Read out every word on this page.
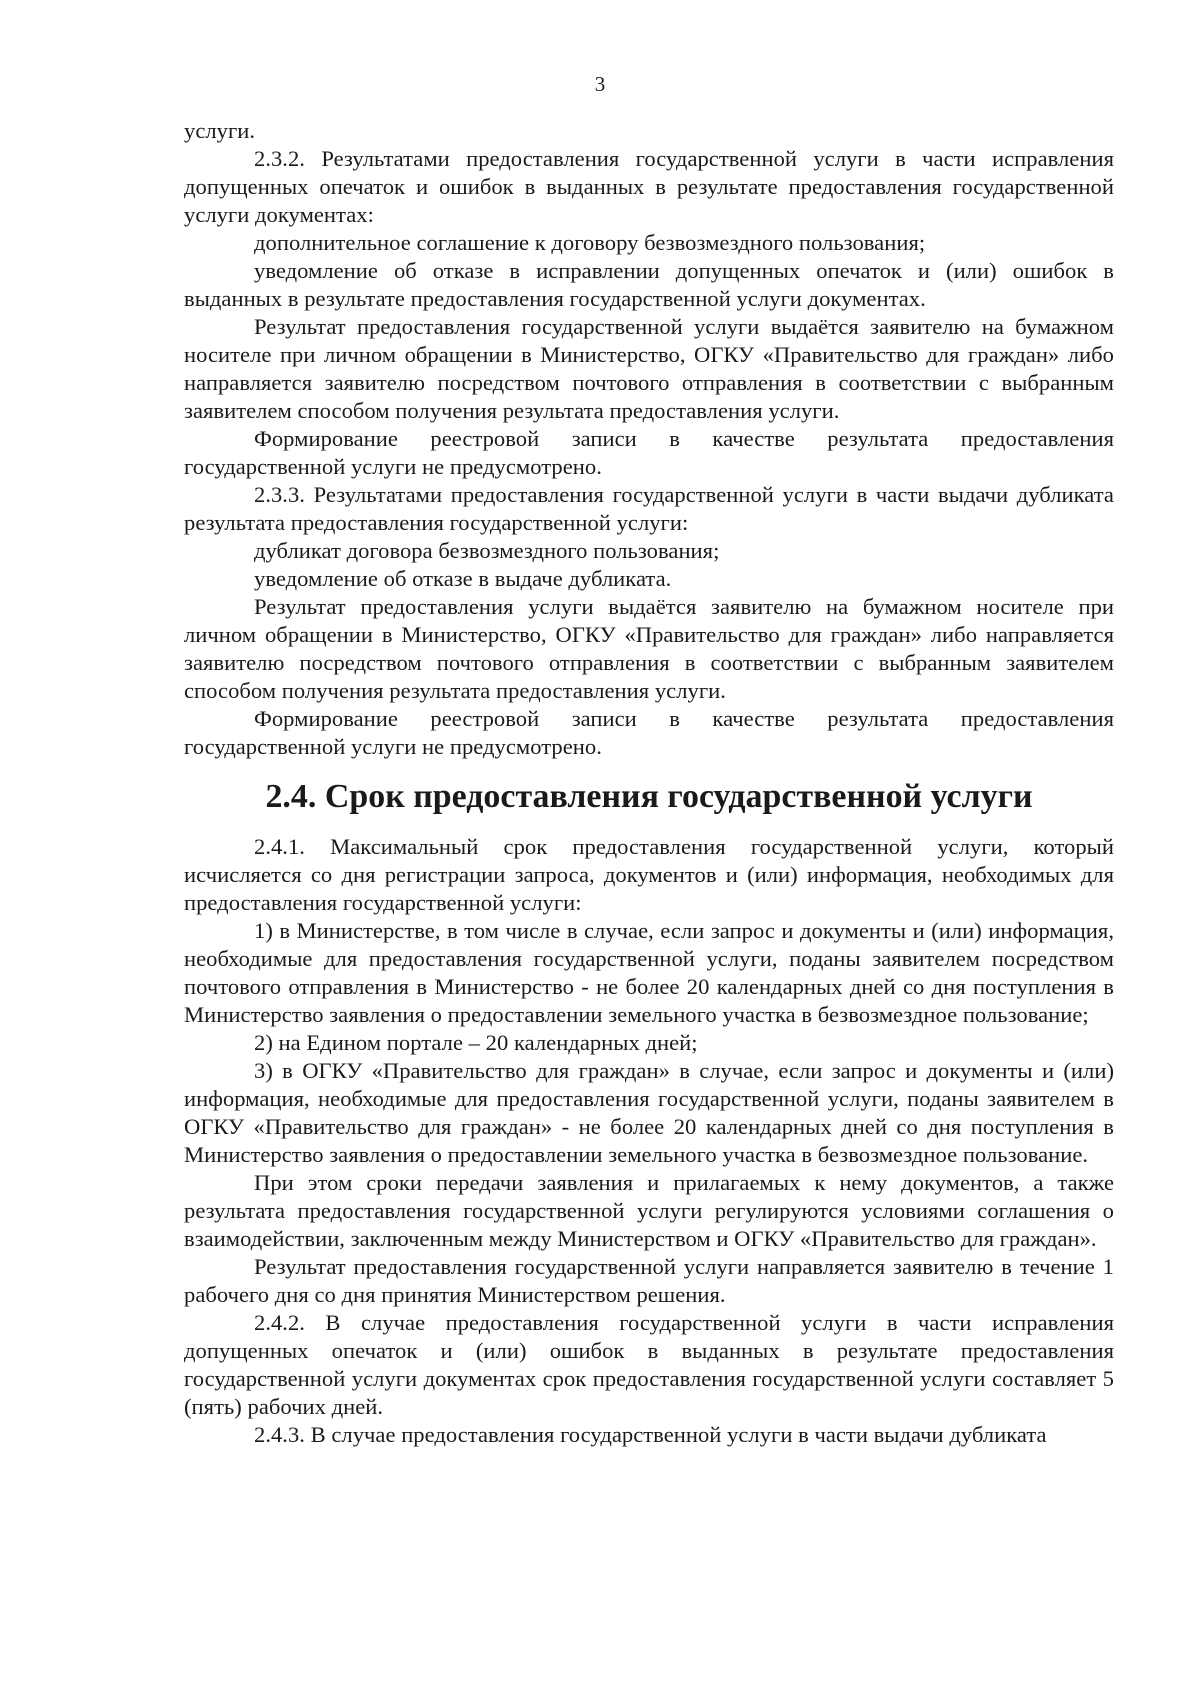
3

услуги.

2.3.2. Результатами предоставления государственной услуги в части исправления допущенных опечаток и ошибок в выданных в результате предоставления государственной услуги документах:

дополнительное соглашение к договору безвозмездного пользования;

уведомление об отказе в исправлении допущенных опечаток и (или) ошибок в выданных в результате предоставления государственной услуги документах.

Результат предоставления государственной услуги выдаётся заявителю на бумажном носителе при личном обращении в Министерство, ОГКУ «Правительство для граждан» либо направляется заявителю посредством почтового отправления в соответствии с выбранным заявителем способом получения результата предоставления услуги.

Формирование реестровой записи в качестве результата предоставления государственной услуги не предусмотрено.

2.3.3. Результатами предоставления государственной услуги в части выдачи дубликата результата предоставления государственной услуги:

дубликат договора безвозмездного пользования;

уведомление об отказе в выдаче дубликата.

Результат предоставления услуги выдаётся заявителю на бумажном носителе при личном обращении в Министерство, ОГКУ «Правительство для граждан» либо направляется заявителю посредством почтового отправления в соответствии с выбранным заявителем способом получения результата предоставления услуги.

Формирование реестровой записи в качестве результата предоставления государственной услуги не предусмотрено.

2.4. Срок предоставления государственной услуги

2.4.1. Максимальный срок предоставления государственной услуги, который исчисляется со дня регистрации запроса, документов и (или) информация, необходимых для предоставления государственной услуги:

1) в Министерстве, в том числе в случае, если запрос и документы и (или) информация, необходимые для предоставления государственной услуги, поданы заявителем посредством почтового отправления в Министерство - не более 20 календарных дней со дня поступления в Министерство заявления о предоставлении земельного участка в безвозмездное пользование;

2) на Едином портале – 20 календарных дней;

3) в ОГКУ «Правительство для граждан» в случае, если запрос и документы и (или) информация, необходимые для предоставления государственной услуги, поданы заявителем в ОГКУ «Правительство для граждан» - не более 20 календарных дней со дня поступления в Министерство заявления о предоставлении земельного участка в безвозмездное пользование.

При этом сроки передачи заявления и прилагаемых к нему документов, а также результата предоставления государственной услуги регулируются условиями соглашения о взаимодействии, заключенным между Министерством и ОГКУ «Правительство для граждан».

Результат предоставления государственной услуги направляется заявителю в течение 1 рабочего дня со дня принятия Министерством решения.

2.4.2. В случае предоставления государственной услуги в части исправления допущенных опечаток и (или) ошибок в выданных в результате предоставления государственной услуги документах срок предоставления государственной услуги составляет 5 (пять) рабочих дней.

2.4.3. В случае предоставления государственной услуги в части выдачи дубликата
